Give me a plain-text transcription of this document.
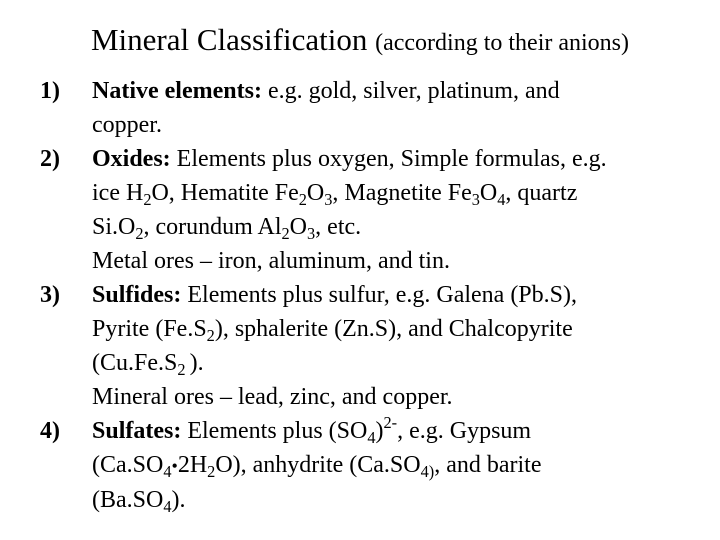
Mineral Classification (according to their anions)
1)	Native elements: e.g. gold, silver, platinum, and
copper.
2)	Oxides: Elements plus oxygen, Simple formulas, e.g.
ice $H_2O$, Hematite $Fe_2O_3$, Magnetite $Fe_3O_4$, quartz
$Si.O_2$, corundum $Al_2O_3$, etc.
Metal ores – iron, aluminum, and tin.
3)	Sulfides: Elements plus sulfur, e.g. Galena (Pb.S),
Pyrite $(Fe.S_2)$, sphalerite (Zn.S), and Chalcopyrite
($Cu.Fe.S_2$ ).
Mineral ores – lead, zinc, and copper.
4)	Sulfates: Elements plus $(SO_4)^{2-}$, e.g. Gypsum
$(Ca.SO_4•2H_2O)$, anhydrite ($Ca.SO_{4)}$, and barite
$(Ba.SO_4)$.
